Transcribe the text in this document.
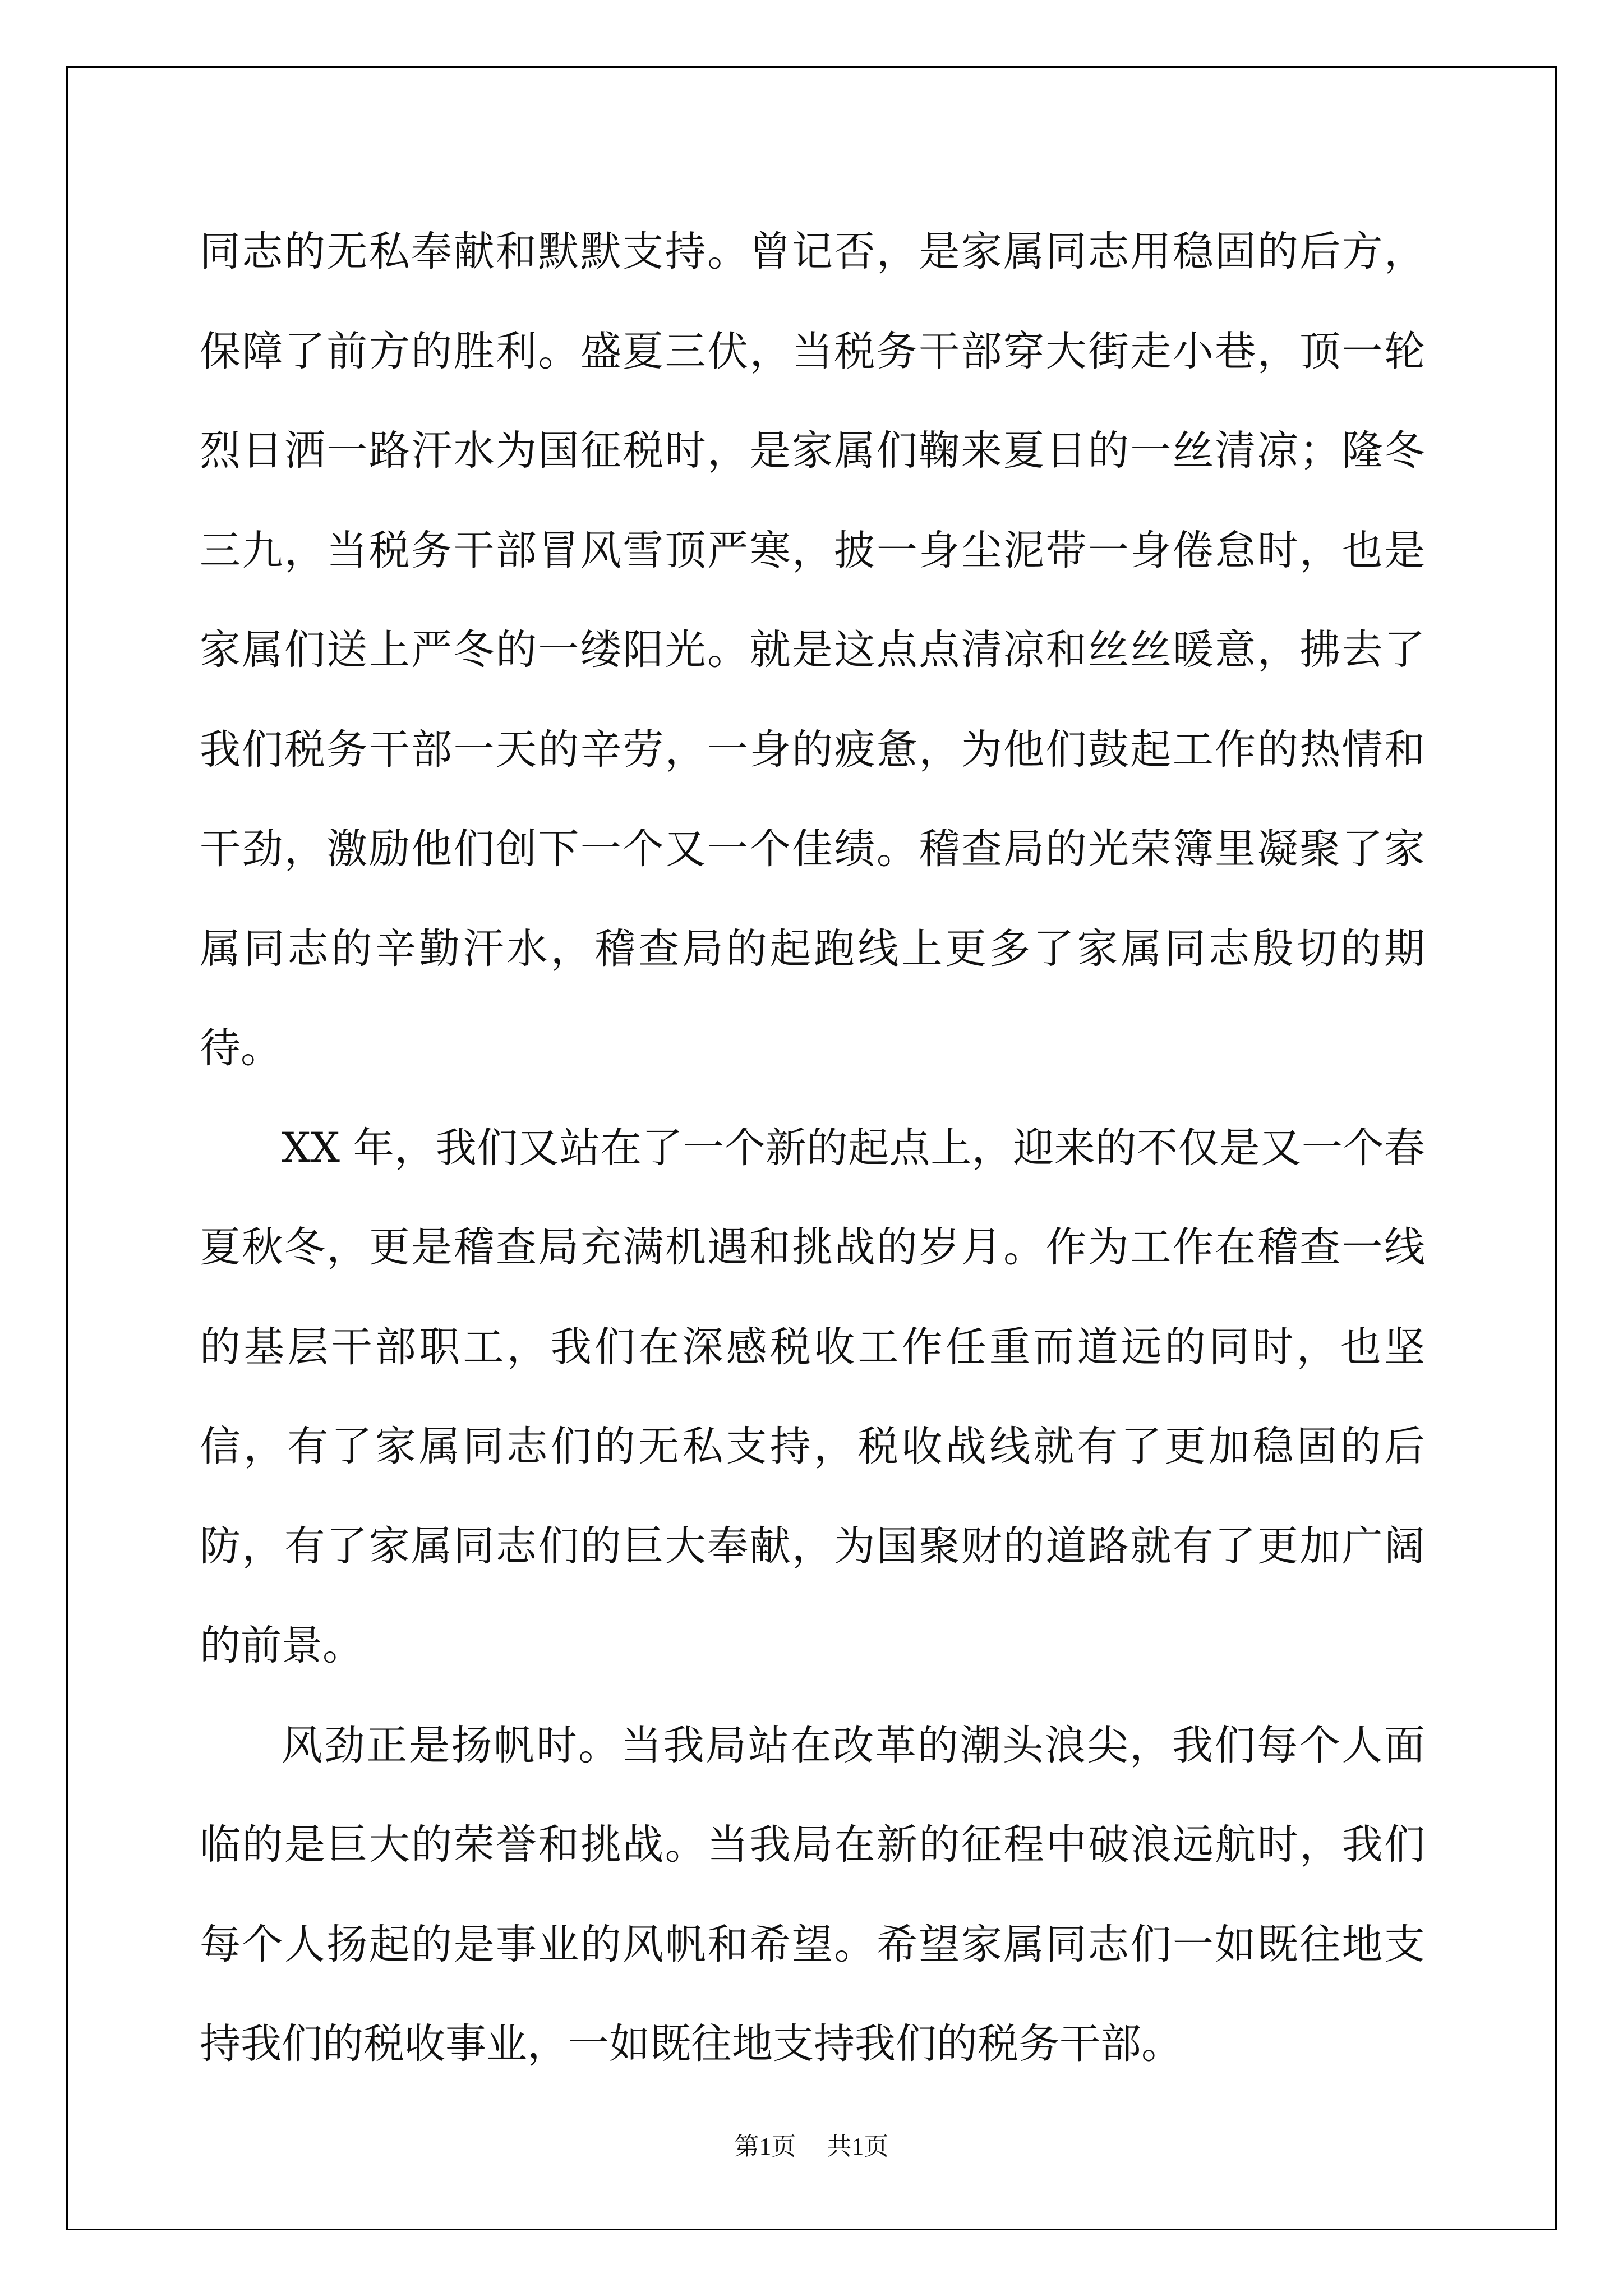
同志的无私奉献和默默支持。曾记否，是家属同志用稳固的后方，保障了前方的胜利。盛夏三伏，当税务干部穿大街走小巷，顶一轮烈日洒一路汗水为国征税时，是家属们鞠来夏日的一丝清凉；隆冬三九，当税务干部冒风雪顶严寒，披一身尘泥带一身倦怠时，也是家属们送上严冬的一缕阳光。就是这点点清凉和丝丝暖意，拂去了我们税务干部一天的辛劳，一身的疲惫，为他们鼓起工作的热情和干劲，激励他们创下一个又一个佳绩。稽查局的光荣簿里凝聚了家属同志的辛勤汗水，稽查局的起跑线上更多了家属同志殷切的期待。

XX 年，我们又站在了一个新的起点上，迎来的不仅是又一个春夏秋冬，更是稽查局充满机遇和挑战的岁月。作为工作在稽查一线的基层干部职工，我们在深感税收工作任重而道远的同时，也坚信，有了家属同志们的无私支持，税收战线就有了更加稳固的后防，有了家属同志们的巨大奉献，为国聚财的道路就有了更加广阔的前景。

风劲正是扬帆时。当我局站在改革的潮头浪尖，我们每个人面临的是巨大的荣誉和挑战。当我局在新的征程中破浪远航时，我们每个人扬起的是事业的风帆和希望。希望家属同志们一如既往地支持我们的税收事业，一如既往地支持我们的税务干部。

第1页 共1页
